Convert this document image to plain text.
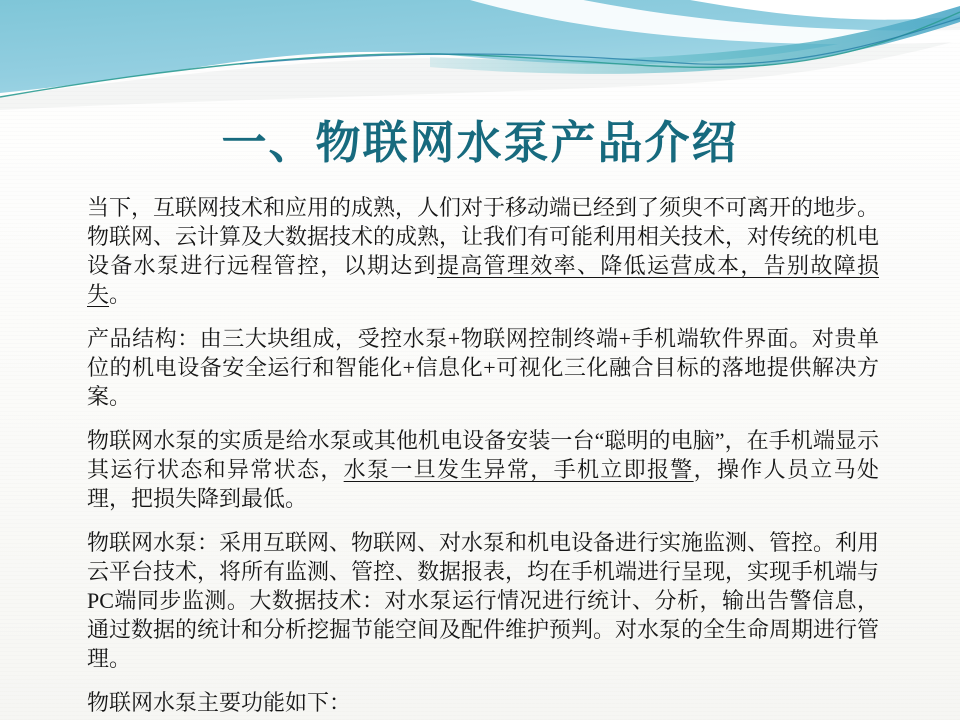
一、物联网水泵产品介绍

当下，互联网技术和应用的成熟，人们对于移动端已经到了须臾不可离开的地步。物联网、云计算及大数据技术的成熟，让我们有可能利用相关技术，对传统的机电设备水泵进行远程管控，以期达到提高管理效率、降低运营成本，告别故障损失。

产品结构：由三大块组成，受控水泵+物联网控制终端+手机端软件界面。对贵单位的机电设备安全运行和智能化+信息化+可视化三化融合目标的落地提供解决方案。

物联网水泵的实质是给水泵或其他机电设备安装一台“聪明的电脑”，在手机端显示其运行状态和异常状态，水泵一旦发生异常，手机立即报警，操作人员立马处理，把损失降到最低。

物联网水泵：采用互联网、物联网、对水泵和机电设备进行实施监测、管控。利用云平台技术，将所有监测、管控、数据报表，均在手机端进行呈现，实现手机端与PC端同步监测。大数据技术：对水泵运行情况进行统计、分析，输出告警信息，通过数据的统计和分析挖掘节能空间及配件维护预判。对水泵的全生命周期进行管理。

物联网水泵主要功能如下：
